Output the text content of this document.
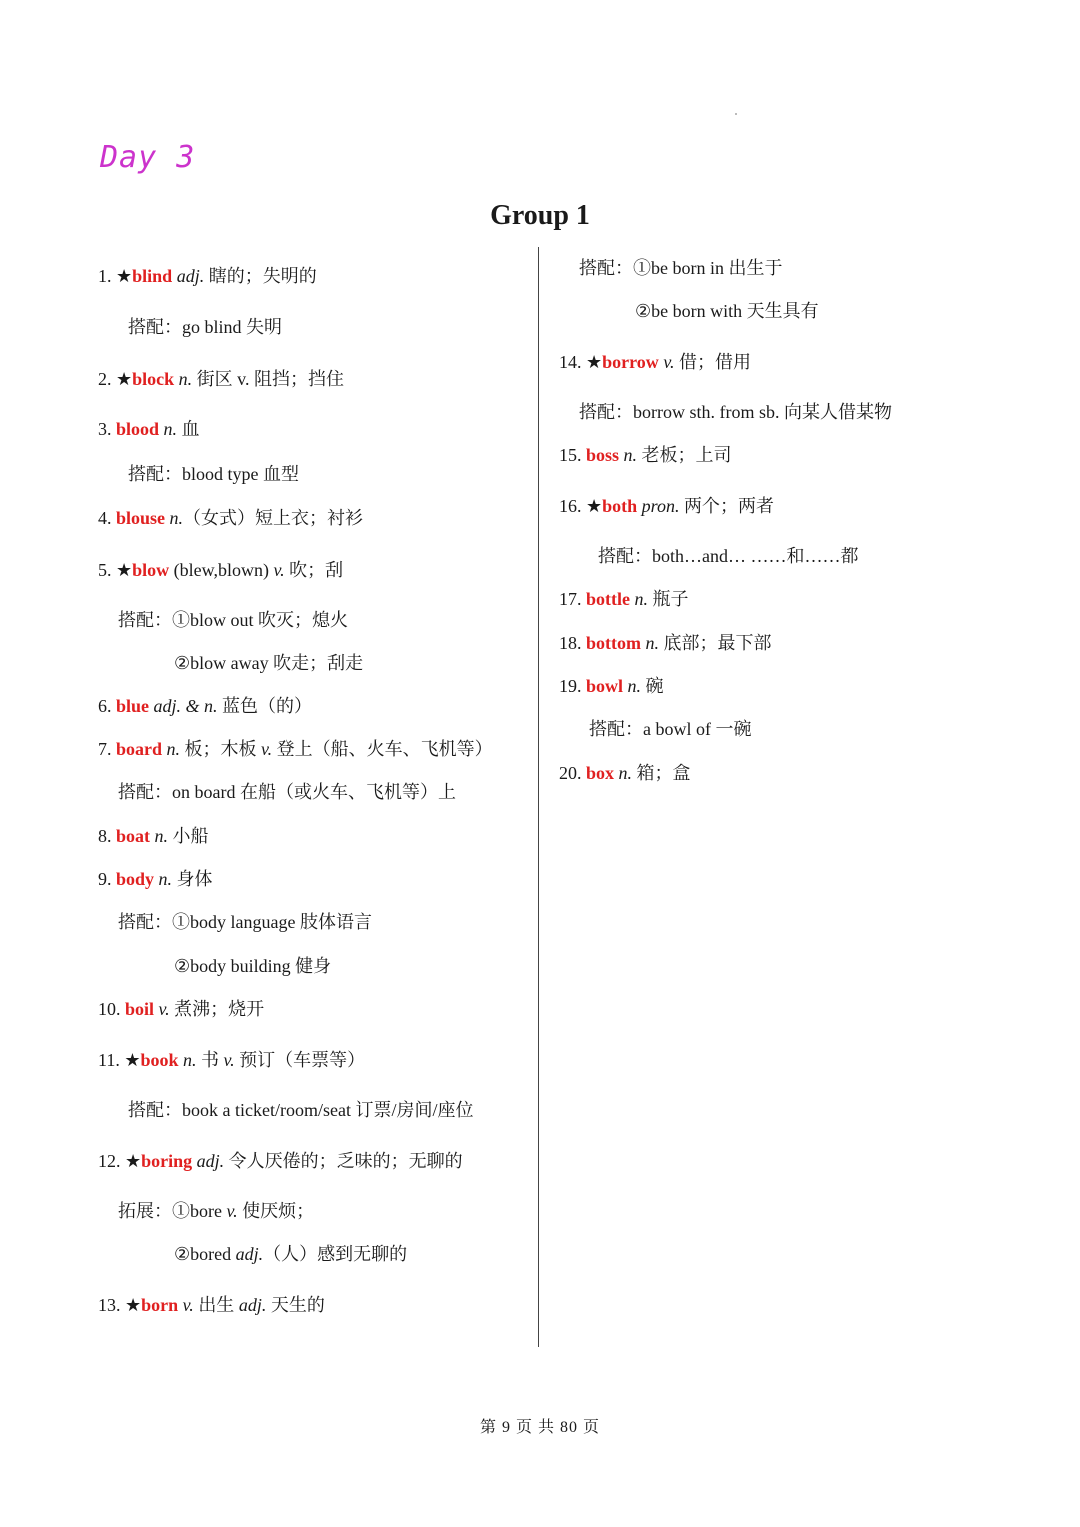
Day 3
Group 1
第 9 页 共 80 页
1. ★blind adj. 瞎的；失明的
搭配：go blind 失明
2. ★block n. 街区 v. 阻挡；挡住
3. blood n. 血
搭配：blood type 血型
4. blouse n.（女式）短上衣；衬衫
5. ★blow (blew,blown) v. 吹；刮
搭配：①blow out 吹灭；熄火
②blow away 吹走；刮走
6. blue adj. & n. 蓝色（的）
7. board n. 板；木板 v. 登上（船、火车、飞机等）
搭配：on board 在船（或火车、飞机等）上
8. boat n. 小船
9. body n. 身体
搭配：①body language 肢体语言
②body building 健身
10. boil v. 煮沸；烧开
11. ★book n. 书 v. 预订（车票等）
搭配：book a ticket/room/seat 订票/房间/座位
12. ★boring adj. 令人厌倦的；乏味的；无聊的
拓展：①bore v. 使厌烦；
②bored adj.（人）感到无聊的
13. ★born v. 出生 adj. 天生的
搭配：①be born in 出生于
②be born with 天生具有
14. ★borrow v. 借；借用
搭配：borrow sth. from sb. 向某人借某物
15. boss n. 老板；上司
16. ★both pron. 两个；两者
搭配：both…and… ……和……都
17. bottle n. 瓶子
18. bottom n. 底部；最下部
19. bowl n. 碗
搭配：a bowl of 一碗
20. box n. 箱；盒
